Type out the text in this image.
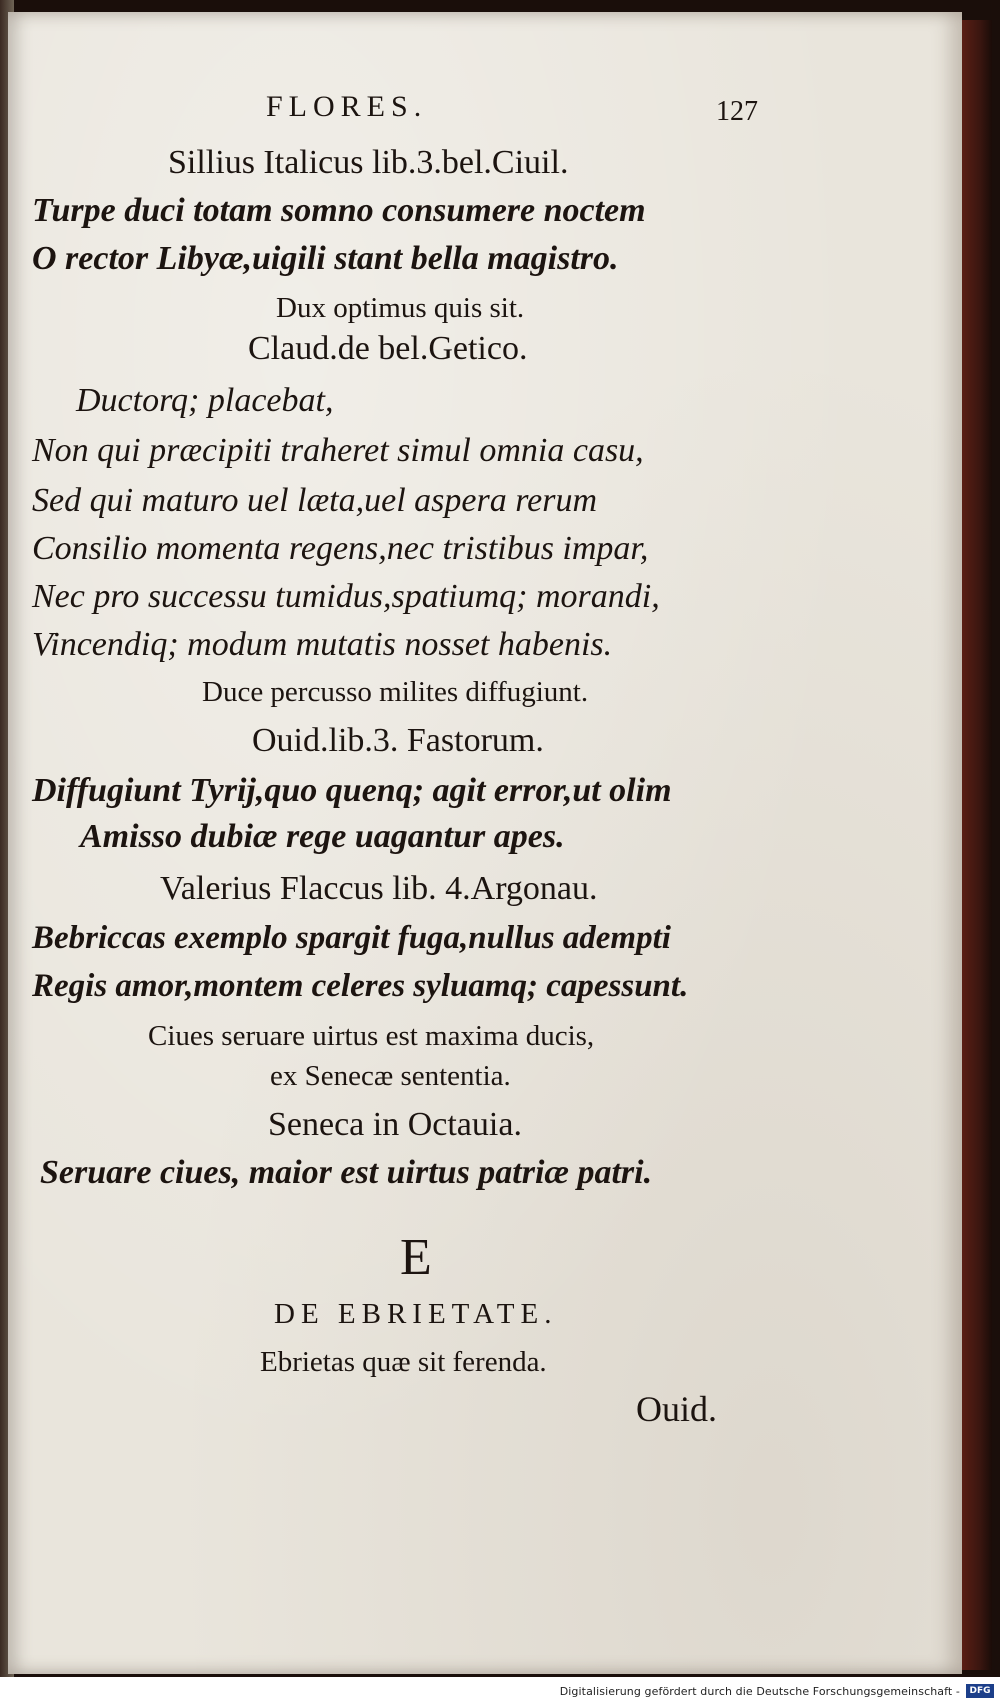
FLORES.	127
Sillius Italicus lib.3.bel.Ciuil.
Turpe duci totam somno consumere noctem
O rector Libyæ,uigili stant bella magistro.
Dux optimus quis sit.
Claud.de bel.Getico.
Ductorq; placebat,
Non qui præcipiti traheret simul omnia casu,
Sed qui maturo uel læta,uel aspera rerum
Consilio momenta regens,nec tristibus impar,
Nec pro successu tumidus,spatiumq; morandi,
Vincendiq; modum mutatis nosset habenis.
Duce percusso milites diffugiunt.
Ouid.lib.3. Fastorum.
Diffugiunt Tyrij,quo quenq; agit error,ut olim
Amisso dubiæ rege uagantur apes.
Valerius Flaccus lib. 4.Argonau.
Bebriccas exemplo spargit fuga,nullus adempti
Regis amor,montem celeres syluamq; capessunt.
Ciues seruare uirtus est maxima ducis,
ex Senecæ sententia.
Seneca in Octauia.
Seruare ciues, maior est uirtus patriæ patri.
E
DE EBRIETATE.
Ebrietas quæ sit ferenda.
Ouid.
Digitalisierung gefördert durch die Deutsche Forschungsgemeinschaft -	DFG
